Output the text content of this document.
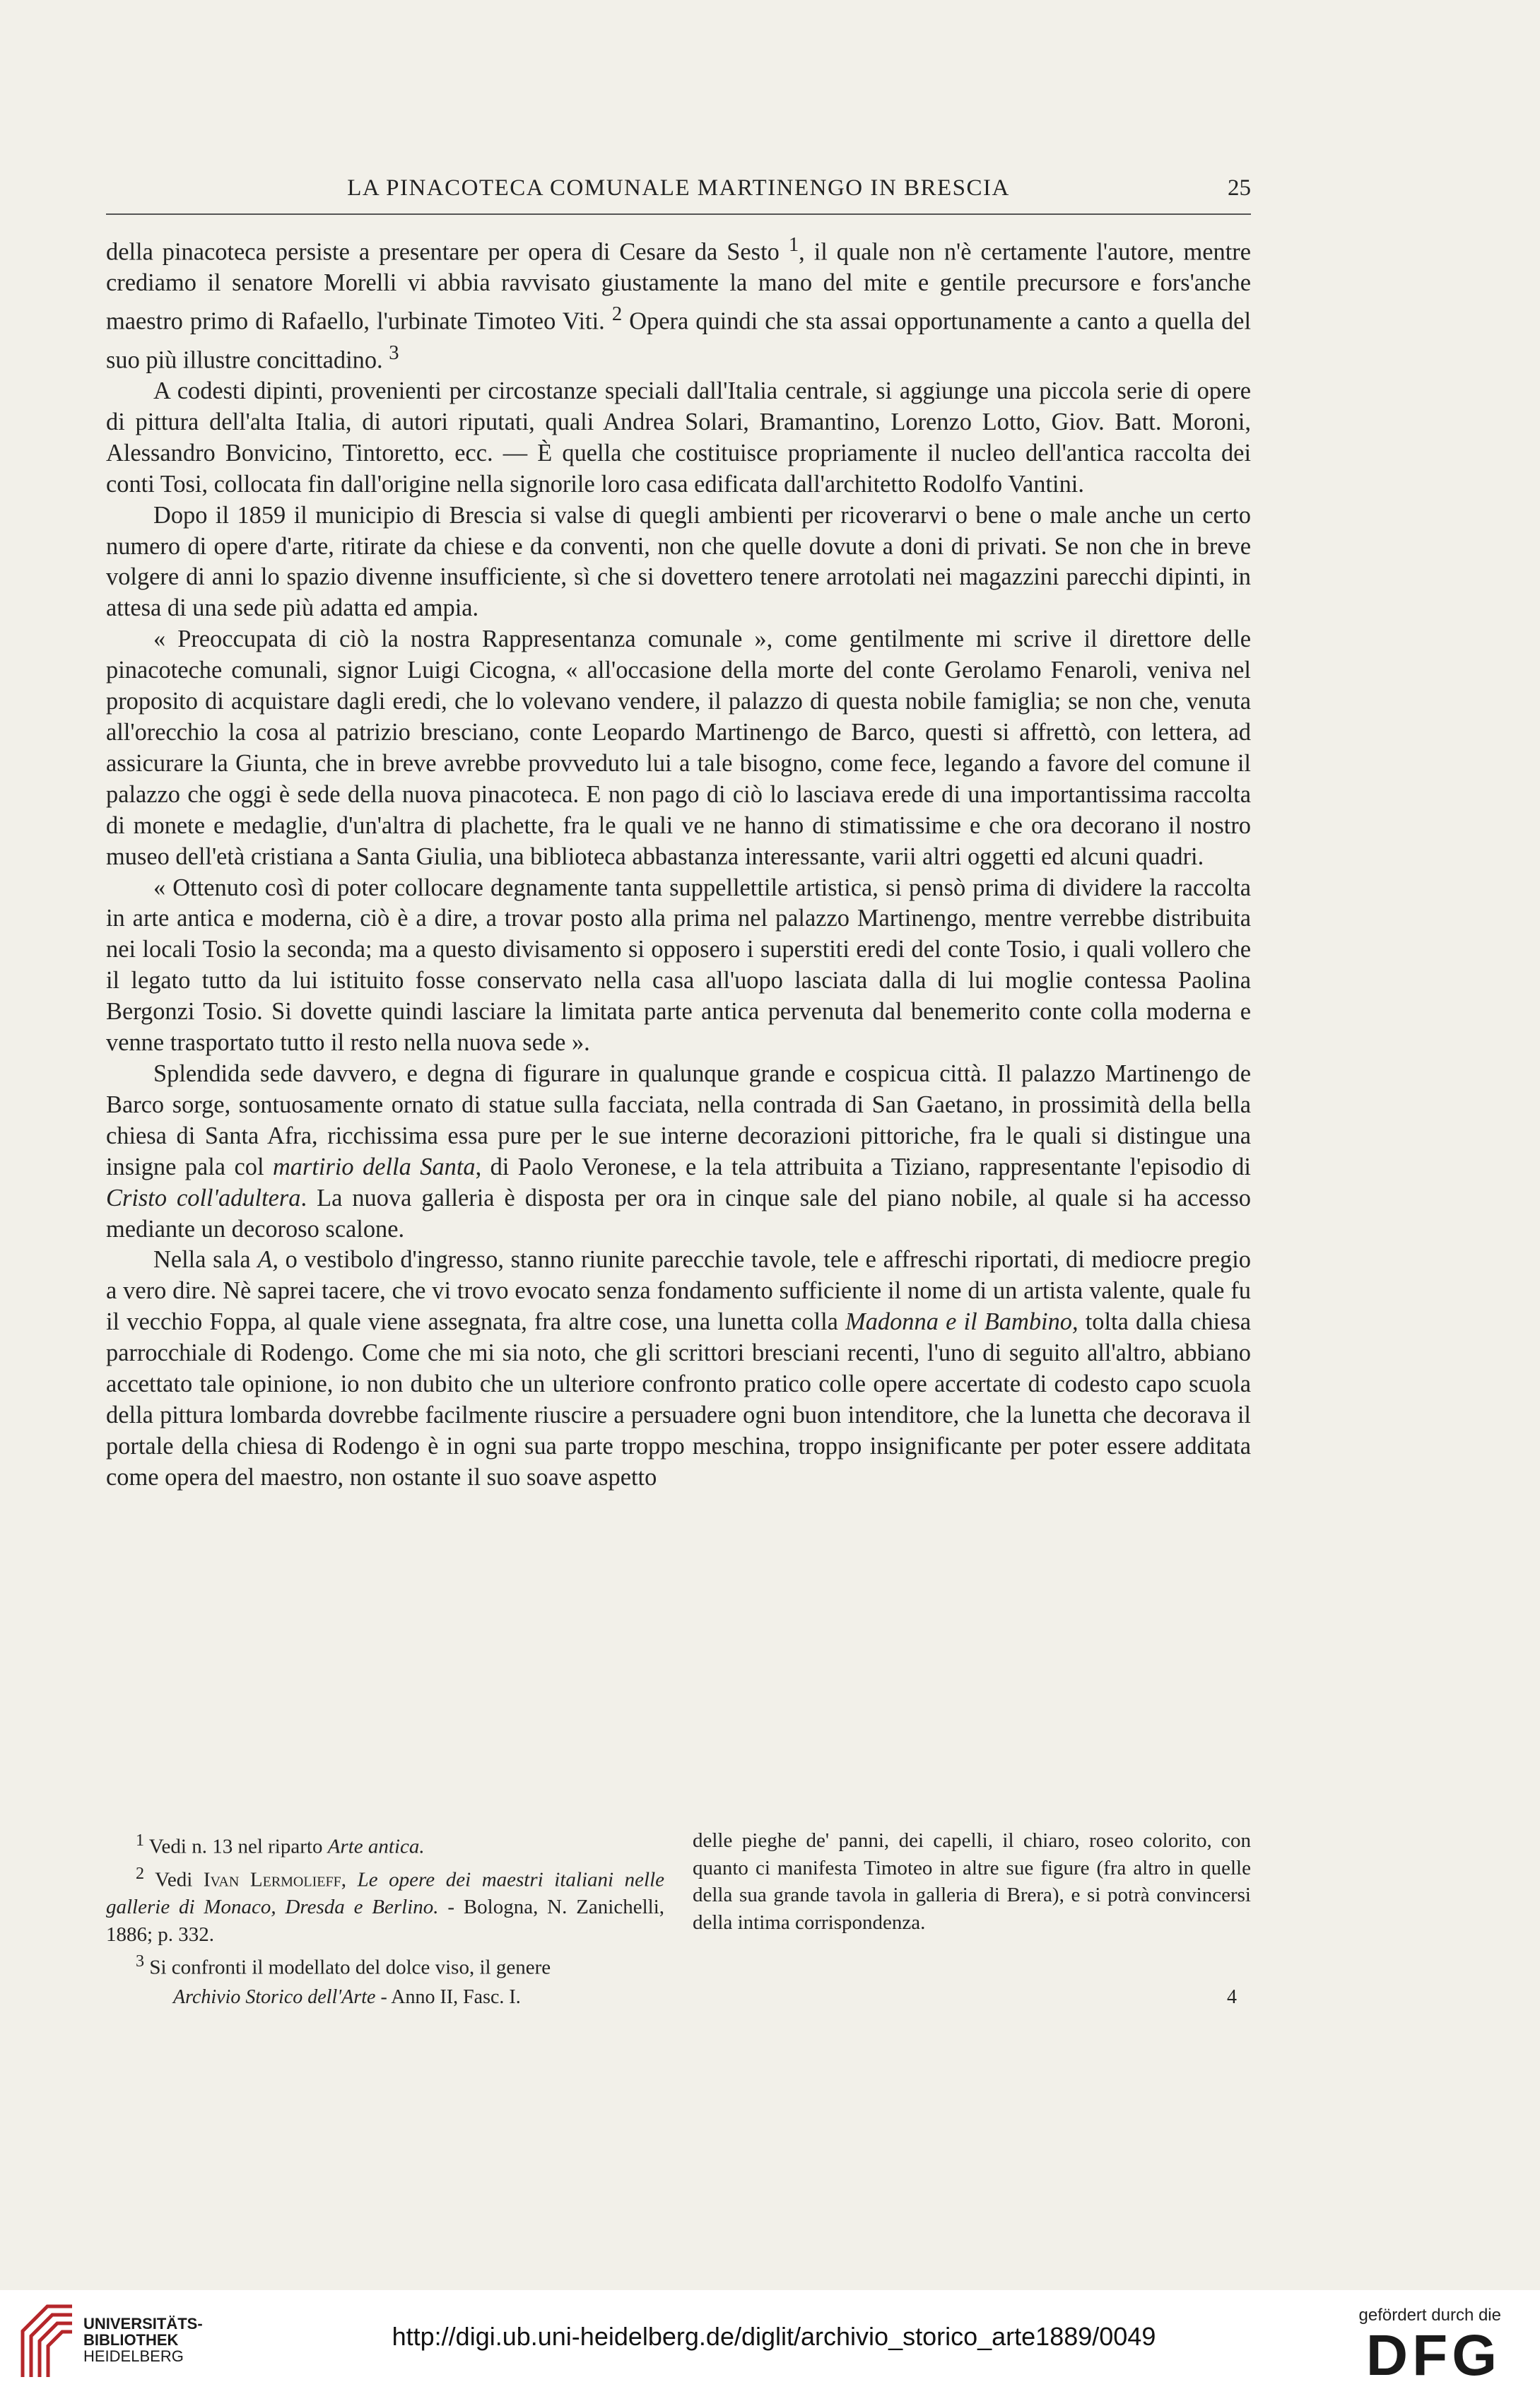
LA PINACOTECA COMUNALE MARTINENGO IN BRESCIA	25

della pinacoteca persiste a presentare per opera di Cesare da Sesto $^1$, il quale non n'è certamente l'autore, mentre crediamo il senatore Morelli vi abbia ravvisato giustamente la mano del mite e gentile precursore e fors'anche maestro primo di Rafaello, l'urbinate Timoteo Viti. $^2$ Opera quindi che sta assai opportunamente a canto a quella del suo più illustre concittadino. $^3$

A codesti dipinti, provenienti per circostanze speciali dall'Italia centrale, si aggiunge una piccola serie di opere di pittura dell'alta Italia, di autori riputati, quali Andrea Solari, Bramantino, Lorenzo Lotto, Giov. Batt. Moroni, Alessandro Bonvicino, Tintoretto, ecc. — È quella che costituisce propriamente il nucleo dell'antica raccolta dei conti Tosi, collocata fin dall'origine nella signorile loro casa edificata dall'architetto Rodolfo Vantini.

Dopo il 1859 il municipio di Brescia si valse di quegli ambienti per ricoverarvi o bene o male anche un certo numero di opere d'arte, ritirate da chiese e da conventi, non che quelle dovute a doni di privati. Se non che in breve volgere di anni lo spazio divenne insufficiente, sì che si dovettero tenere arrotolati nei magazzini parecchi dipinti, in attesa di una sede più adatta ed ampia.

« Preoccupata di ciò la nostra Rappresentanza comunale », come gentilmente mi scrive il direttore delle pinacoteche comunali, signor Luigi Cicogna, « all'occasione della morte del conte Gerolamo Fenaroli, veniva nel proposito di acquistare dagli eredi, che lo volevano vendere, il palazzo di questa nobile famiglia; se non che, venuta all'orecchio la cosa al patrizio bresciano, conte Leopardo Martinengo de Barco, questi si affrettò, con lettera, ad assicurare la Giunta, che in breve avrebbe provveduto lui a tale bisogno, come fece, legando a favore del comune il palazzo che oggi è sede della nuova pinacoteca. E non pago di ciò lo lasciava erede di una importantissima raccolta di monete e medaglie, d'un'altra di plachette, fra le quali ve ne hanno di stimatissime e che ora decorano il nostro museo dell'età cristiana a Santa Giulia, una biblioteca abbastanza interessante, varii altri oggetti ed alcuni quadri.

« Ottenuto così di poter collocare degnamente tanta suppellettile artistica, si pensò prima di dividere la raccolta in arte antica e moderna, ciò è a dire, a trovar posto alla prima nel palazzo Martinengo, mentre verrebbe distribuita nei locali Tosio la seconda; ma a questo divisamento si opposero i superstiti eredi del conte Tosio, i quali vollero che il legato tutto da lui istituito fosse conservato nella casa all'uopo lasciata dalla di lui moglie contessa Paolina Bergonzi Tosio. Si dovette quindi lasciare la limitata parte antica pervenuta dal benemerito conte colla moderna e venne trasportato tutto il resto nella nuova sede ».

Splendida sede davvero, e degna di figurare in qualunque grande e cospicua città. Il palazzo Martinengo de Barco sorge, sontuosamente ornato di statue sulla facciata, nella contrada di San Gaetano, in prossimità della bella chiesa di Santa Afra, ricchissima essa pure per le sue interne decorazioni pittoriche, fra le quali si distingue una insigne pala col martirio della Santa, di Paolo Veronese, e la tela attribuita a Tiziano, rappresentante l'episodio di Cristo coll'adultera. La nuova galleria è disposta per ora in cinque sale del piano nobile, al quale si ha accesso mediante un decoroso scalone.

Nella sala A, o vestibolo d'ingresso, stanno riunite parecchie tavole, tele e affreschi riportati, di mediocre pregio a vero dire. Nè saprei tacere, che vi trovo evocato senza fondamento sufficiente il nome di un artista valente, quale fu il vecchio Foppa, al quale viene assegnata, fra altre cose, una lunetta colla Madonna e il Bambino, tolta dalla chiesa parrocchiale di Rodengo. Come che mi sia noto, che gli scrittori bresciani recenti, l'uno di seguito all'altro, abbiano accettato tale opinione, io non dubito che un ulteriore confronto pratico colle opere accertate di codesto capo scuola della pittura lombarda dovrebbe facilmente riuscire a persuadere ogni buon intenditore, che la lunetta che decorava il portale della chiesa di Rodengo è in ogni sua parte troppo meschina, troppo insignificante per poter essere additata come opera del maestro, non ostante il suo soave aspetto

$^1$ Vedi n. 13 nel riparto Arte antica.

$^2$ Vedi Ivan Lermolieff, Le opere dei maestri italiani nelle gallerie di Monaco, Dresda e Berlino. - Bologna, N. Zanichelli, 1886; p. 332.

$^3$ Si confronti il modellato del dolce viso, il genere

delle pieghe de' panni, dei capelli, il chiaro, roseo colorito, con quanto ci manifesta Timoteo in altre sue figure (fra altro in quelle della sua grande tavola in galleria di Brera), e si potrà convincersi della intima corrispondenza.

Archivio Storico dell'Arte - Anno II, Fasc. I.	4
UNIVERSITÄTS-
BIBLIOTHEK
HEIDELBERG
http://digi.ub.uni-heidelberg.de/diglit/archivio_storico_arte1889/0049
gefördert durch die
DFG
